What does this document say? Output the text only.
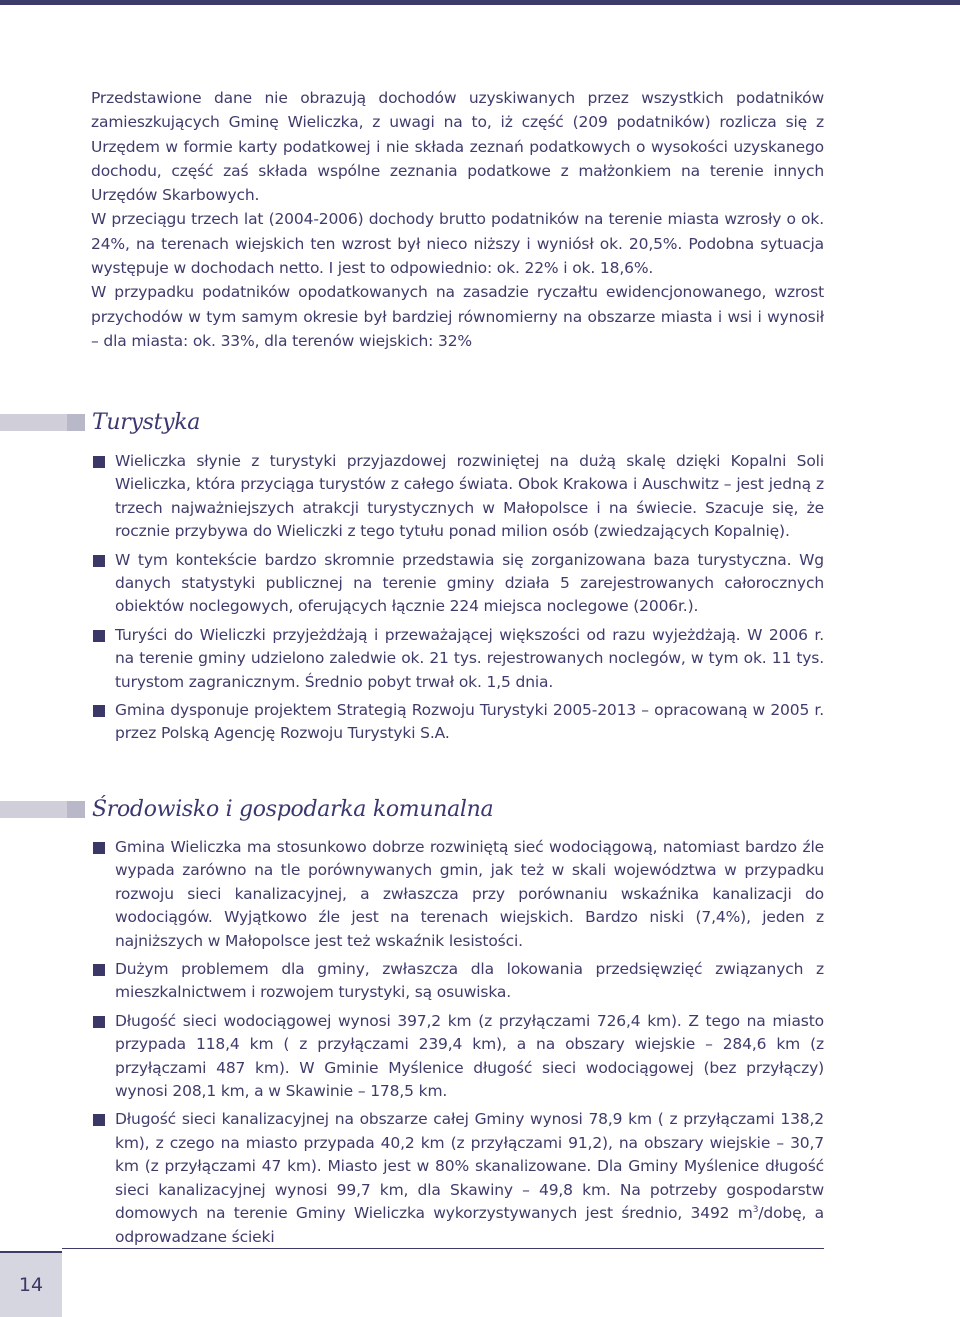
Przedstawione dane nie obrazują dochodów uzyskiwanych przez wszystkich podatników zamieszkujących Gminę Wieliczka, z uwagi na to, iż część (209 podatników) rozlicza się z Urzędem w formie karty podatkowej i nie składa zeznań podatkowych o wysokości uzyskanego dochodu, część zaś składa wspólne zeznania podatkowe z małżonkiem na terenie innych Urzędów Skarbowych.

W przeciągu trzech lat (2004-2006) dochody brutto podatników na terenie miasta wzrosły o ok. 24%, na terenach wiejskich ten wzrost był nieco niższy i wyniósł ok. 20,5%. Podobna sytuacja występuje w dochodach netto. I jest to odpowiednio: ok. 22% i ok. 18,6%.

W przypadku podatników opodatkowanych na zasadzie ryczałtu ewidencjonowanego, wzrost przychodów w tym samym okresie był bardziej równomierny na obszarze miasta i wsi i wynosił – dla miasta: ok. 33%, dla terenów wiejskich: 32%

Turystyka
Wieliczka słynie z turystyki przyjazdowej rozwiniętej na dużą skalę dzięki Kopalni Soli Wieliczka, która przyciąga turystów z całego świata. Obok Krakowa i Auschwitz – jest jedną z trzech najważniejszych atrakcji turystycznych w Małopolsce i na świecie. Szacuje się, że rocznie przybywa do Wieliczki z tego tytułu ponad milion osób (zwiedzających Kopalnię).
W tym kontekście bardzo skromnie przedstawia się zorganizowana baza turystyczna. Wg danych statystyki publicznej na terenie gminy działa 5 zarejestrowanych całorocznych obiektów noclegowych, oferujących łącznie 224 miejsca noclegowe (2006r.).
Turyści do Wieliczki przyjeżdżają i przeważającej większości od razu wyjeżdżają. W 2006 r. na terenie gminy udzielono zaledwie ok. 21 tys. rejestrowanych noclegów, w tym ok. 11 tys. turystom zagranicznym. Średnio pobyt trwał ok. 1,5 dnia.
Gmina dysponuje projektem Strategią Rozwoju Turystyki 2005-2013 – opracowaną w 2005 r. przez Polską Agencję Rozwoju Turystyki S.A.
Środowisko i gospodarka komunalna
Gmina Wieliczka ma stosunkowo dobrze rozwiniętą sieć wodociągową, natomiast bardzo źle wypada zarówno na tle porównywanych gmin, jak też w skali województwa w przypadku rozwoju sieci kanalizacyjnej, a zwłaszcza przy porównaniu wskaźnika kanalizacji do wodociągów. Wyjątkowo źle jest na terenach wiejskich. Bardzo niski (7,4%), jeden z najniższych w Małopolsce jest też wskaźnik lesistości.
Dużym problemem dla gminy, zwłaszcza dla lokowania przedsięwzięć związanych z mieszkalnictwem i rozwojem turystyki, są osuwiska.
Długość sieci wodociągowej wynosi 397,2 km (z przyłączami 726,4 km). Z tego na miasto przypada 118,4 km ( z przyłączami 239,4 km), a na obszary wiejskie – 284,6 km (z przyłączami 487 km). W Gminie Myślenice długość sieci wodociągowej (bez przyłączy) wynosi 208,1 km, a w Skawinie – 178,5 km.
Długość sieci kanalizacyjnej na obszarze całej Gminy wynosi 78,9 km ( z przyłączami 138,2 km), z czego na miasto przypada 40,2 km (z przyłączami 91,2), na obszary wiejskie – 30,7 km (z przyłączami 47 km). Miasto jest w 80% skanalizowane. Dla Gminy Myślenice długość sieci kanalizacyjnej wynosi 99,7 km, dla Skawiny – 49,8 km. Na potrzeby gospodarstw domowych na terenie Gminy Wieliczka wykorzystywanych jest średnio, 3492 $m^3$/dobę, a odprowadzane ścieki
14
